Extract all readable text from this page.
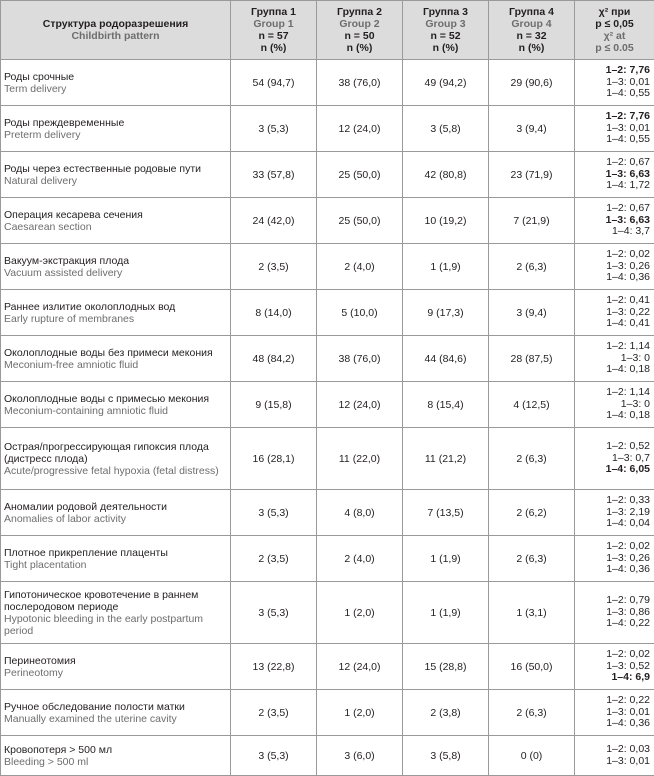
Структура родоразрешения
Childbirth pattern	Группа 1
Group 1
n = 57
n (%)	Группа 2
Group 2
n = 50
n (%)	Группа 3
Group 3
n = 52
n (%)	Группа 4
Group 4
n = 32
n (%)	χ² при
p ≤ 0,05
χ² at
p ≤ 0.05

Роды срочные
Term delivery	54 (94,7)	38 (76,0)	49 (94,2)	29 (90,6)	1–2: 7,76
1–3: 0,01
1–4: 0,55

Роды преждевременные
Preterm delivery	3 (5,3)	12 (24,0)	3 (5,8)	3 (9,4)	1–2: 7,76
1–3: 0,01
1–4: 0,55

Роды через естественные родовые пути
Natural delivery	33 (57,8)	25 (50,0)	42 (80,8)	23 (71,9)	1–2: 0,67
1–3: 6,63
1–4: 1,72

Операция кесарева сечения
Caesarean section	24 (42,0)	25 (50,0)	10 (19,2)	7 (21,9)	1–2: 0,67
1–3: 6,63
1–4: 3,7

Вакуум-экстракция плода
Vacuum assisted delivery	2 (3,5)	2 (4,0)	1 (1,9)	2 (6,3)	1–2: 0,02
1–3: 0,26
1–4: 0,36

Раннее излитие околоплодных вод
Early rupture of membranes	8 (14,0)	5 (10,0)	9 (17,3)	3 (9,4)	1–2: 0,41
1–3: 0,22
1–4: 0,41

Околоплодные воды без примеси мекония
Meconium-free amniotic fluid	48 (84,2)	38 (76,0)	44 (84,6)	28 (87,5)	1–2: 1,14
1–3: 0
1–4: 0,18

Околоплодные воды с примесью мекония
Meconium-containing amniotic fluid	9 (15,8)	12 (24,0)	8 (15,4)	4 (12,5)	1–2: 1,14
1–3: 0
1–4: 0,18

Острая/прогрессирующая гипоксия плода (дистресс плода)
Acute/progressive fetal hypoxia (fetal distress)	16 (28,1)	11 (22,0)	11 (21,2)	2 (6,3)	1–2: 0,52
1–3: 0,7
1–4: 6,05

Аномалии родовой деятельности
Anomalies of labor activity	3 (5,3)	4 (8,0)	7 (13,5)	2 (6,2)	1–2: 0,33
1–3: 2,19
1–4: 0,04

Плотное прикрепление плаценты
Tight placentation	2 (3,5)	2 (4,0)	1 (1,9)	2 (6,3)	1–2: 0,02
1–3: 0,26
1–4: 0,36

Гипотоническое кровотечение в раннем послеродовом периоде
Hypotonic bleeding in the early postpartum period	3 (5,3)	1 (2,0)	1 (1,9)	1 (3,1)	1–2: 0,79
1–3: 0,86
1–4: 0,22

Перинеотомия
Perineotomy	13 (22,8)	12 (24,0)	15 (28,8)	16 (50,0)	1–2: 0,02
1–3: 0,52
1–4: 6,9

Ручное обследование полости матки
Manually examined the uterine cavity	2 (3,5)	1 (2,0)	2 (3,8)	2 (6,3)	1–2: 0,22
1–3: 0,01
1–4: 0,36

Кровопотеря > 500 мл
Bleeding > 500 ml	3 (5,3)	3 (6,0)	3 (5,8)	0 (0)	1–2: 0,03
1–3: 0,01
